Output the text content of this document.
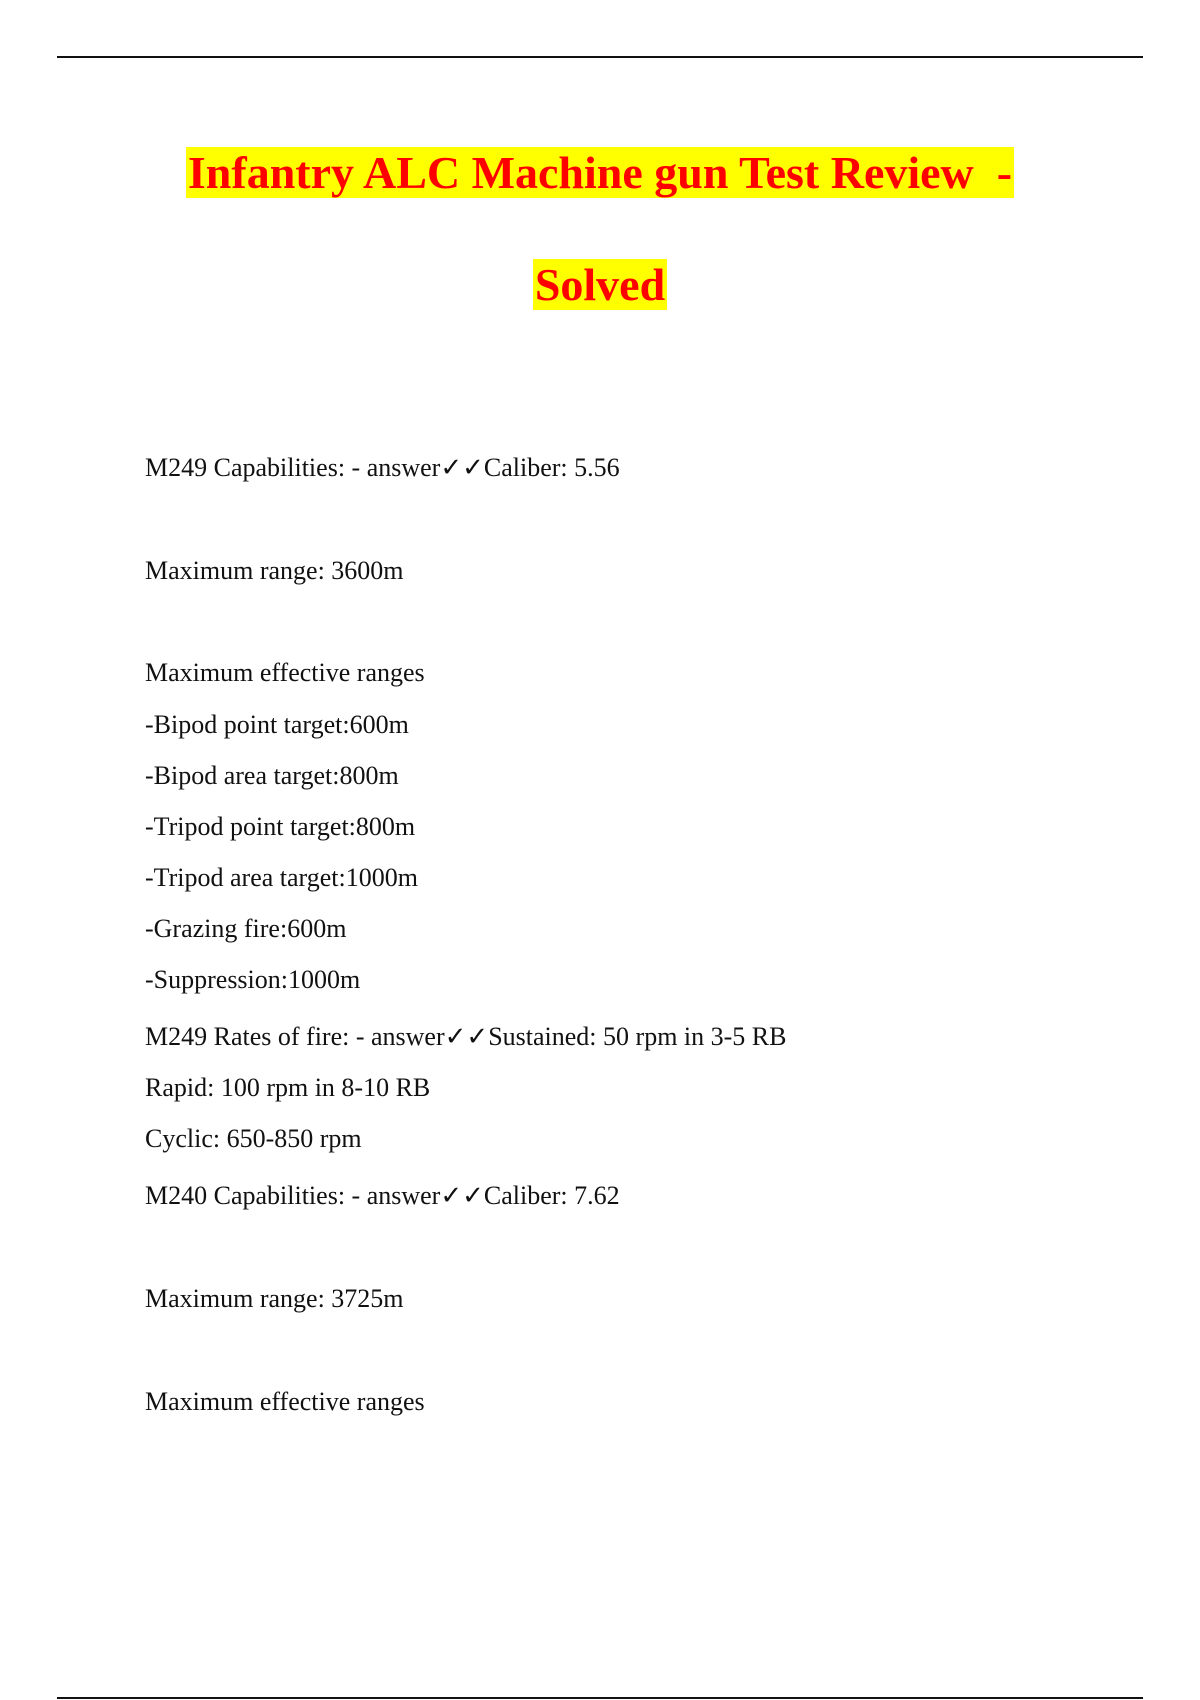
Infantry ALC Machine gun Test Review  -
Solved
M249 Capabilities: - answer✓✓Caliber: 5.56
Maximum range: 3600m
Maximum effective ranges
-Bipod point target:600m
-Bipod area target:800m
-Tripod point target:800m
-Tripod area target:1000m
-Grazing fire:600m
-Suppression:1000m
M249 Rates of fire: - answer✓✓Sustained: 50 rpm in 3-5 RB
Rapid: 100 rpm in 8-10 RB
Cyclic: 650-850 rpm
M240 Capabilities: - answer✓✓Caliber: 7.62
Maximum range: 3725m
Maximum effective ranges
